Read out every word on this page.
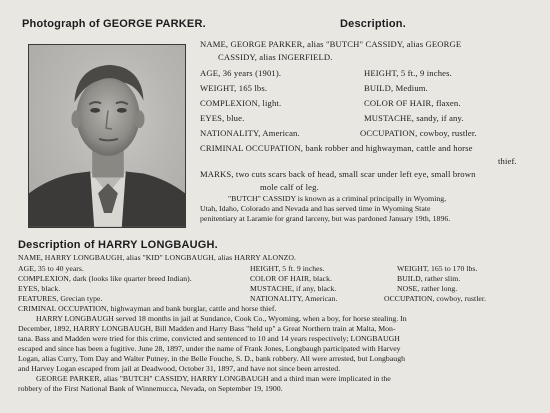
Photograph of GEORGE PARKER.	Description.
NAME, GEORGE PARKER, alias "BUTCH" CASSIDY, alias GEORGE
CASSIDY, alias INGERFIELD.
AGE, 36 years (1901).	HEIGHT, 5 ft., 9 inches.
WEIGHT, 165 lbs.	BUILD, Medium.
COMPLEXION, light.	COLOR OF HAIR, flaxen.
EYES, blue.	MUSTACHE, sandy, if any.
NATIONALITY, American.	OCCUPATION, cowboy, rustler.
CRIMINAL OCCUPATION, bank robber and highwayman, cattle and horse
thief.
MARKS, two cuts scars back of head, small scar under left eye, small brown
mole calf of leg.
"BUTCH" CASSIDY is known as a criminal principally in Wyoming,
Utah, Idaho, Colorado and Nevada and has served time in Wyoming State
penitentiary at Laramie for grand larceny, but was pardoned January 19th, 1896.
Description of HARRY LONGBAUGH.
NAME, HARRY LONGBAUGH, alias "KID" LONGBAUGH, alias HARRY ALONZO.
AGE, 35 to 40 years.	HEIGHT, 5 ft. 9 inches.	WEIGHT, 165 to 170 lbs.
COMPLEXION, dark (looks like quarter breed Indian).	COLOR OF HAIR, black.	BUILD, rather slim.
EYES, black.	MUSTACHE, if any, black.	NOSE, rather long.
FEATURES, Grecian type.	NATIONALITY, American.	OCCUPATION, cowboy, rustler.
CRIMINAL OCCUPATION, highwayman and bank burglar, cattle and horse thief.
HARRY LONGBAUGH served 18 months in jail at Sundance, Cook Co., Wyoming, when a boy, for horse stealing. In
December, 1892, HARRY LONGBAUGH, Bill Madden and Harry Bass "held up" a Great Northern train at Malta, Mon-
tana. Bass and Madden were tried for this crime, convicted and sentenced to 10 and 14 years respectively; LONGBAUGH
escaped and since has been a fugitive. June 28, 1897, under the name of Frank Jones, Longbaugh participated with Harvey
Logan, alias Curry, Tom Day and Walter Putney, in the Belle Fouche, S. D., bank robbery. All were arrested, but Longbaugh
and Harvey Logan escaped from jail at Deadwood, October 31, 1897, and have not since been arrested.
GEORGE PARKER, alias "BUTCH" CASSIDY, HARRY LONGBAUGH and a third man were implicated in the
robbery of the First National Bank of Winnemucca, Nevada, on September 19, 1900.
